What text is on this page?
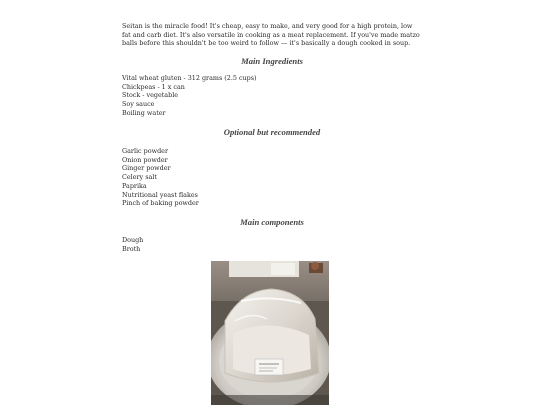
Seitan is the miracle food! It's cheap, easy to make, and very good for a high protein, low fat and carb diet. It's also versatile in cooking as a meat replacement. If you've made matzo balls before this shouldn't be too weird to follow — it's basically a dough cooked in soup.

Main Ingredients
Vital wheat gluten - 312 grams (2.5 cups)
Chickpeas - 1 x can
Stock - vegetable
Soy sauce
Boiling water
Optional but recommended
Garlic powder
Onion powder
Ginger powder
Celery salt
Paprika
Nutritional yeast flakes
Pinch of baking powder
Main components
Dough
Broth
